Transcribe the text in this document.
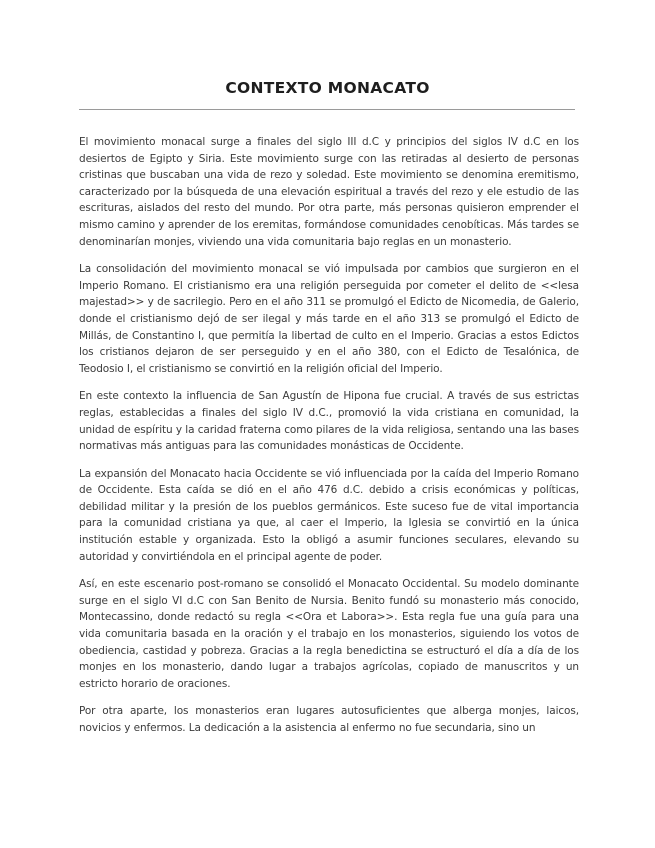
CONTEXTO MONACATO

El movimiento monacal surge a finales del siglo III d.C y principios del siglos IV d.C en los desiertos de Egipto y Siria. Este movimiento surge con las retiradas al desierto de personas cristinas que buscaban una vida de rezo y soledad. Este movimiento se denomina eremitismo, caracterizado por la búsqueda de una elevación espiritual a través del rezo y ele estudio de las escrituras, aislados del resto del mundo. Por otra parte, más personas quisieron emprender el mismo camino y aprender de los eremitas, formándose comunidades cenobíticas. Más tardes se denominarían monjes, viviendo una vida comunitaria bajo reglas en un monasterio.

La consolidación del movimiento monacal se vió impulsada por cambios que surgieron en el Imperio Romano. El cristianismo era una religión perseguida por cometer el delito de <<lesa majestad>> y de sacrilegio. Pero en el año 311 se promulgó el Edicto de Nicomedia, de Galerio, donde el cristianismo dejó de ser ilegal y más tarde en el año 313 se promulgó el Edicto de Millás, de Constantino I, que permitía la libertad de culto en el Imperio. Gracias a estos Edictos los cristianos dejaron de ser perseguido y en el año 380, con el Edicto de Tesalónica, de Teodosio I, el cristianismo se convirtió en la religión oficial del Imperio.

En este contexto la influencia de San Agustín de Hipona fue crucial. A través de sus estrictas reglas, establecidas a finales del siglo IV d.C., promovió la vida cristiana en comunidad, la unidad de espíritu y la caridad fraterna como pilares de la vida religiosa, sentando una las bases normativas más antiguas para las comunidades monásticas de Occidente.

La expansión del Monacato hacia Occidente se vió influenciada por la caída del Imperio Romano de Occidente. Esta caída se dió en el año 476 d.C. debido a crisis económicas y políticas, debilidad militar y la presión de los pueblos germánicos. Este suceso fue de vital importancia para la comunidad cristiana ya que, al caer el Imperio, la Iglesia se convirtió en la única institución estable y organizada. Esto la obligó a asumir funciones seculares, elevando su autoridad y convirtiéndola en el principal agente de poder.

Así, en este escenario post-romano se consolidó el Monacato Occidental. Su modelo dominante surge en el siglo VI d.C con San Benito de Nursia. Benito fundó su monasterio más conocido, Montecassino, donde redactó su regla <<Ora et Labora>>. Esta regla fue una guía para una vida comunitaria basada en la oración y el trabajo en los monasterios, siguiendo los votos de obediencia, castidad y pobreza. Gracias a la regla benedictina se estructuró el día a día de los monjes en los monasterio, dando lugar a trabajos agrícolas, copiado de manuscritos y un estricto horario de oraciones.

Por otra aparte, los monasterios eran lugares autosuficientes que alberga monjes, laicos, novicios y enfermos. La dedicación a la asistencia al enfermo no fue secundaria, sino un
